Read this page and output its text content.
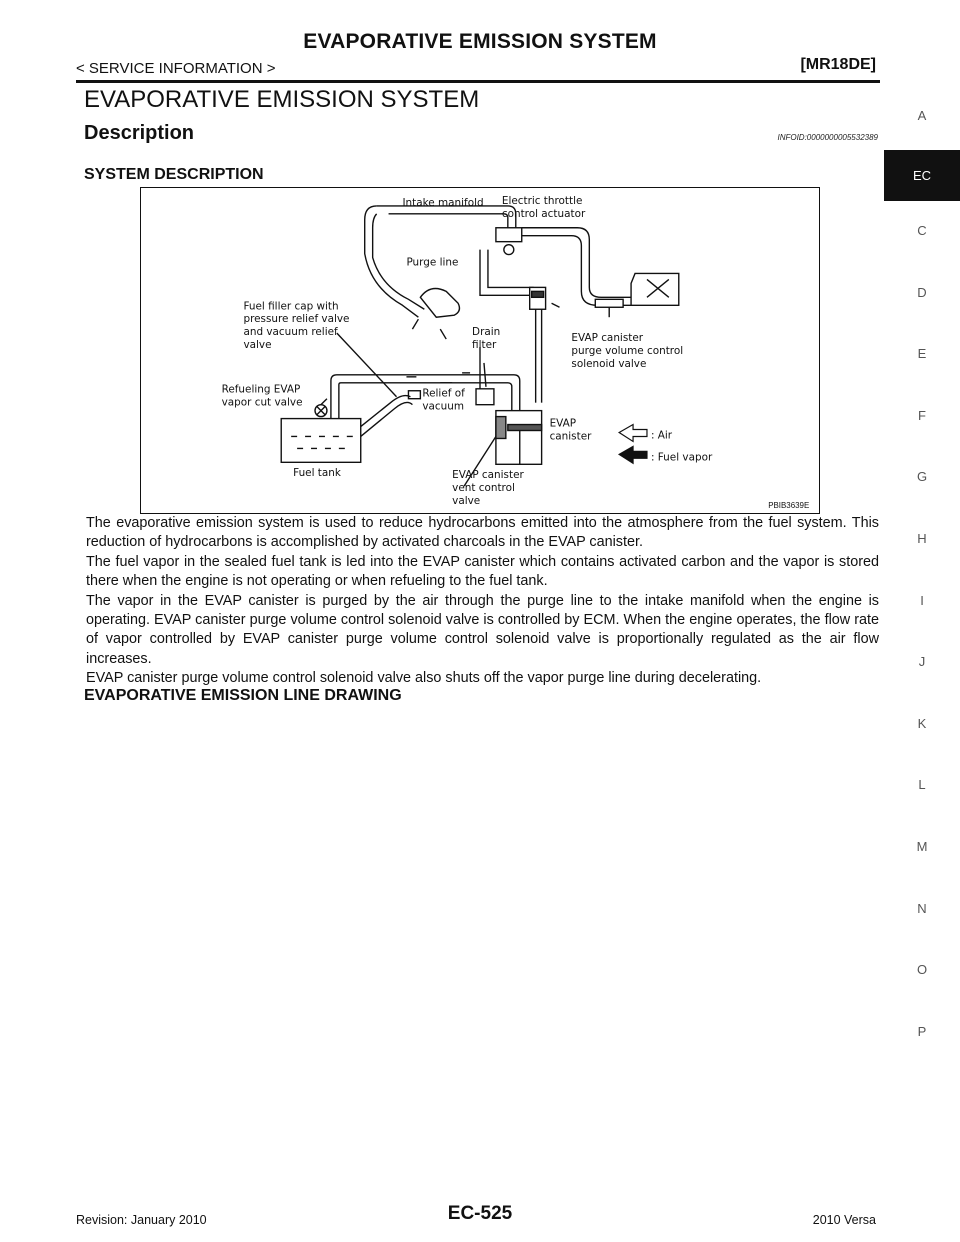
EVAPORATIVE EMISSION SYSTEM
< SERVICE INFORMATION >	[MR18DE]
EVAPORATIVE EMISSION SYSTEM
Description	INFOID:0000000005532389
SYSTEM DESCRIPTION
Intake manifold Electric throttle
control actuator
Purge line
Fuel filler cap with
pressure relief valve
and vacuum relief
valve
Drain
filter
EVAP canister
purge volume control
solenoid valve
Refueling EVAP
vapor cut valve
Relief of
vacuum
EVAP
canister	: Air
: Fuel vapor
Fuel tank	EVAP canister
vent control
valve	PBIB3639E

The evaporative emission system is used to reduce hydrocarbons emitted into the atmosphere from the fuel system. This reduction of hydrocarbons is accomplished by activated charcoals in the EVAP canister.

The fuel vapor in the sealed fuel tank is led into the EVAP canister which contains activated carbon and the vapor is stored there when the engine is not operating or when refueling to the fuel tank.

The vapor in the EVAP canister is purged by the air through the purge line to the intake manifold when the engine is operating. EVAP canister purge volume control solenoid valve is controlled by ECM. When the engine operates, the flow rate of vapor controlled by EVAP canister purge volume control solenoid valve is proportionally regulated as the air flow increases.

EVAP canister purge volume control solenoid valve also shuts off the vapor purge line during decelerating.

EVAPORATIVE EMISSION LINE DRAWING
A
EC
C
D
E
F
G
H
I
J
K
L
M
N
O
P
Revision: January 2010	EC-525	2010 Versa
